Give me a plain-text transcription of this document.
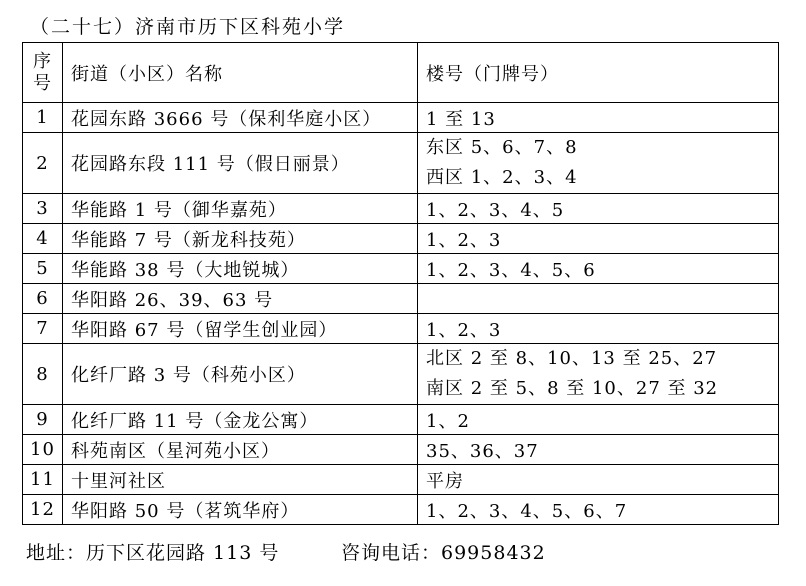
（二十七）济南市历下区科苑小学
序
号	街道（小区）名称	楼号（门牌号）
1	花园东路 3666 号（保利华庭小区）	1 至 13
2	花园路东段 111 号（假日丽景）	东区 5、6、7、8
西区 1、2、3、4

3	华能路 1 号（御华嘉苑）	1、2、3、4、5
4	华能路 7 号（新龙科技苑）	1、2、3
5	华能路 38 号（大地锐城）	1、2、3、4、5、6
6	华阳路 26、39、63 号	
7	华阳路 67 号（留学生创业园）	1、2、3
8	化纤厂路 3 号（科苑小区）	北区 2 至 8、10、13 至 25、27
南区 2 至 5、8 至 10、27 至 32

9	化纤厂路 11 号（金龙公寓）	1、2
10	科苑南区（星河苑小区）	35、36、37
11	十里河社区	平房
12	华阳路 50 号（茗筑华府）	1、2、3、4、5、6、7
地址：历下区花园路 113 号	咨询电话：69958432
